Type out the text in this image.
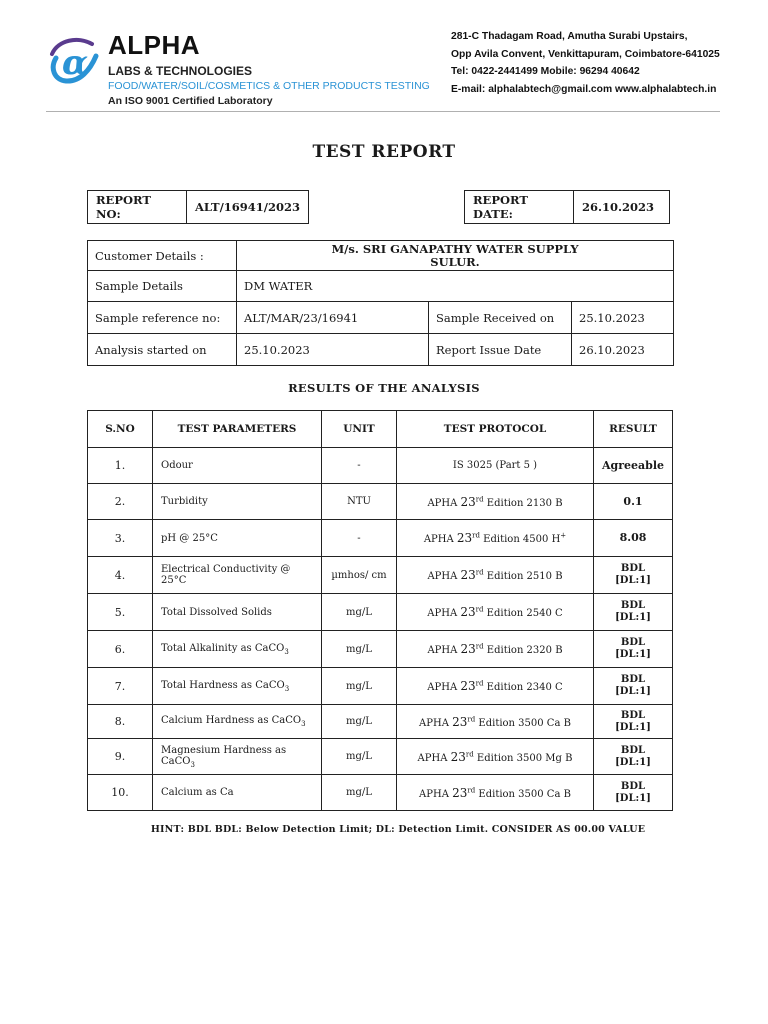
α ALPHA
LABS & TECHNOLOGIES
FOOD/WATER/SOIL/COSMETICS & OTHER PRODUCTS TESTING
An ISO 9001 Certified Laboratory
281-C Thadagam Road, Amutha Surabi Upstairs,
Opp Avila Convent, Venkittapuram, Coimbatore-641025
Tel: 0422-2441499 Mobile: 96294 40642
E-mail: alphalabtech@gmail.com www.alphalabtech.in
TEST REPORT
REPORT NO:	ALT/16941/2023	REPORT DATE:	26.10.2023
Customer Details :	M/s. SRI GANAPATHY WATER SUPPLY
SULUR.		

Sample Details	DM WATER		
Sample reference no:	ALT/MAR/23/16941	Sample Received on	25.10.2023
Analysis started on	25.10.2023	Report Issue Date	26.10.2023
RESULTS OF THE ANALYSIS
S.NO	TEST PARAMETERS	UNIT	TEST PROTOCOL	RESULT
1.	Odour	-	IS 3025 (Part 5 )	Agreeable

2.	Turbidity	NTU	APHA 23rd Edition 2130 B	0.1

3.	pH @ 25°C	-	APHA 23rd Edition 4500 H+	8.08

4.	Electrical Conductivity @ 25°C	µmhos/ cm	APHA 23rd Edition 2510 B	BDL
[DL:1]

5.	Total Dissolved Solids	mg/L	APHA 23rd Edition 2540 C	BDL
[DL:1]

6.	Total Alkalinity as CaCO$_3$	mg/L	APHA 23rd Edition 2320 B	BDL
[DL:1]

7.	Total Hardness as CaCO$_3$	mg/L	APHA 23rd Edition 2340 C	BDL
[DL:1]

8.	Calcium Hardness as CaCO$_3$	mg/L	APHA 23rd Edition 3500 Ca B	BDL
[DL:1]

9.	Magnesium Hardness as CaCO$_3$	mg/L	APHA 23rd Edition 3500 Mg B	BDL
[DL:1]

10.	Calcium as Ca	mg/L	APHA 23rd Edition 3500 Ca B	BDL
[DL:1]
HINT: BDL BDL: Below Detection Limit; DL: Detection Limit. CONSIDER AS 00.00 VALUE
